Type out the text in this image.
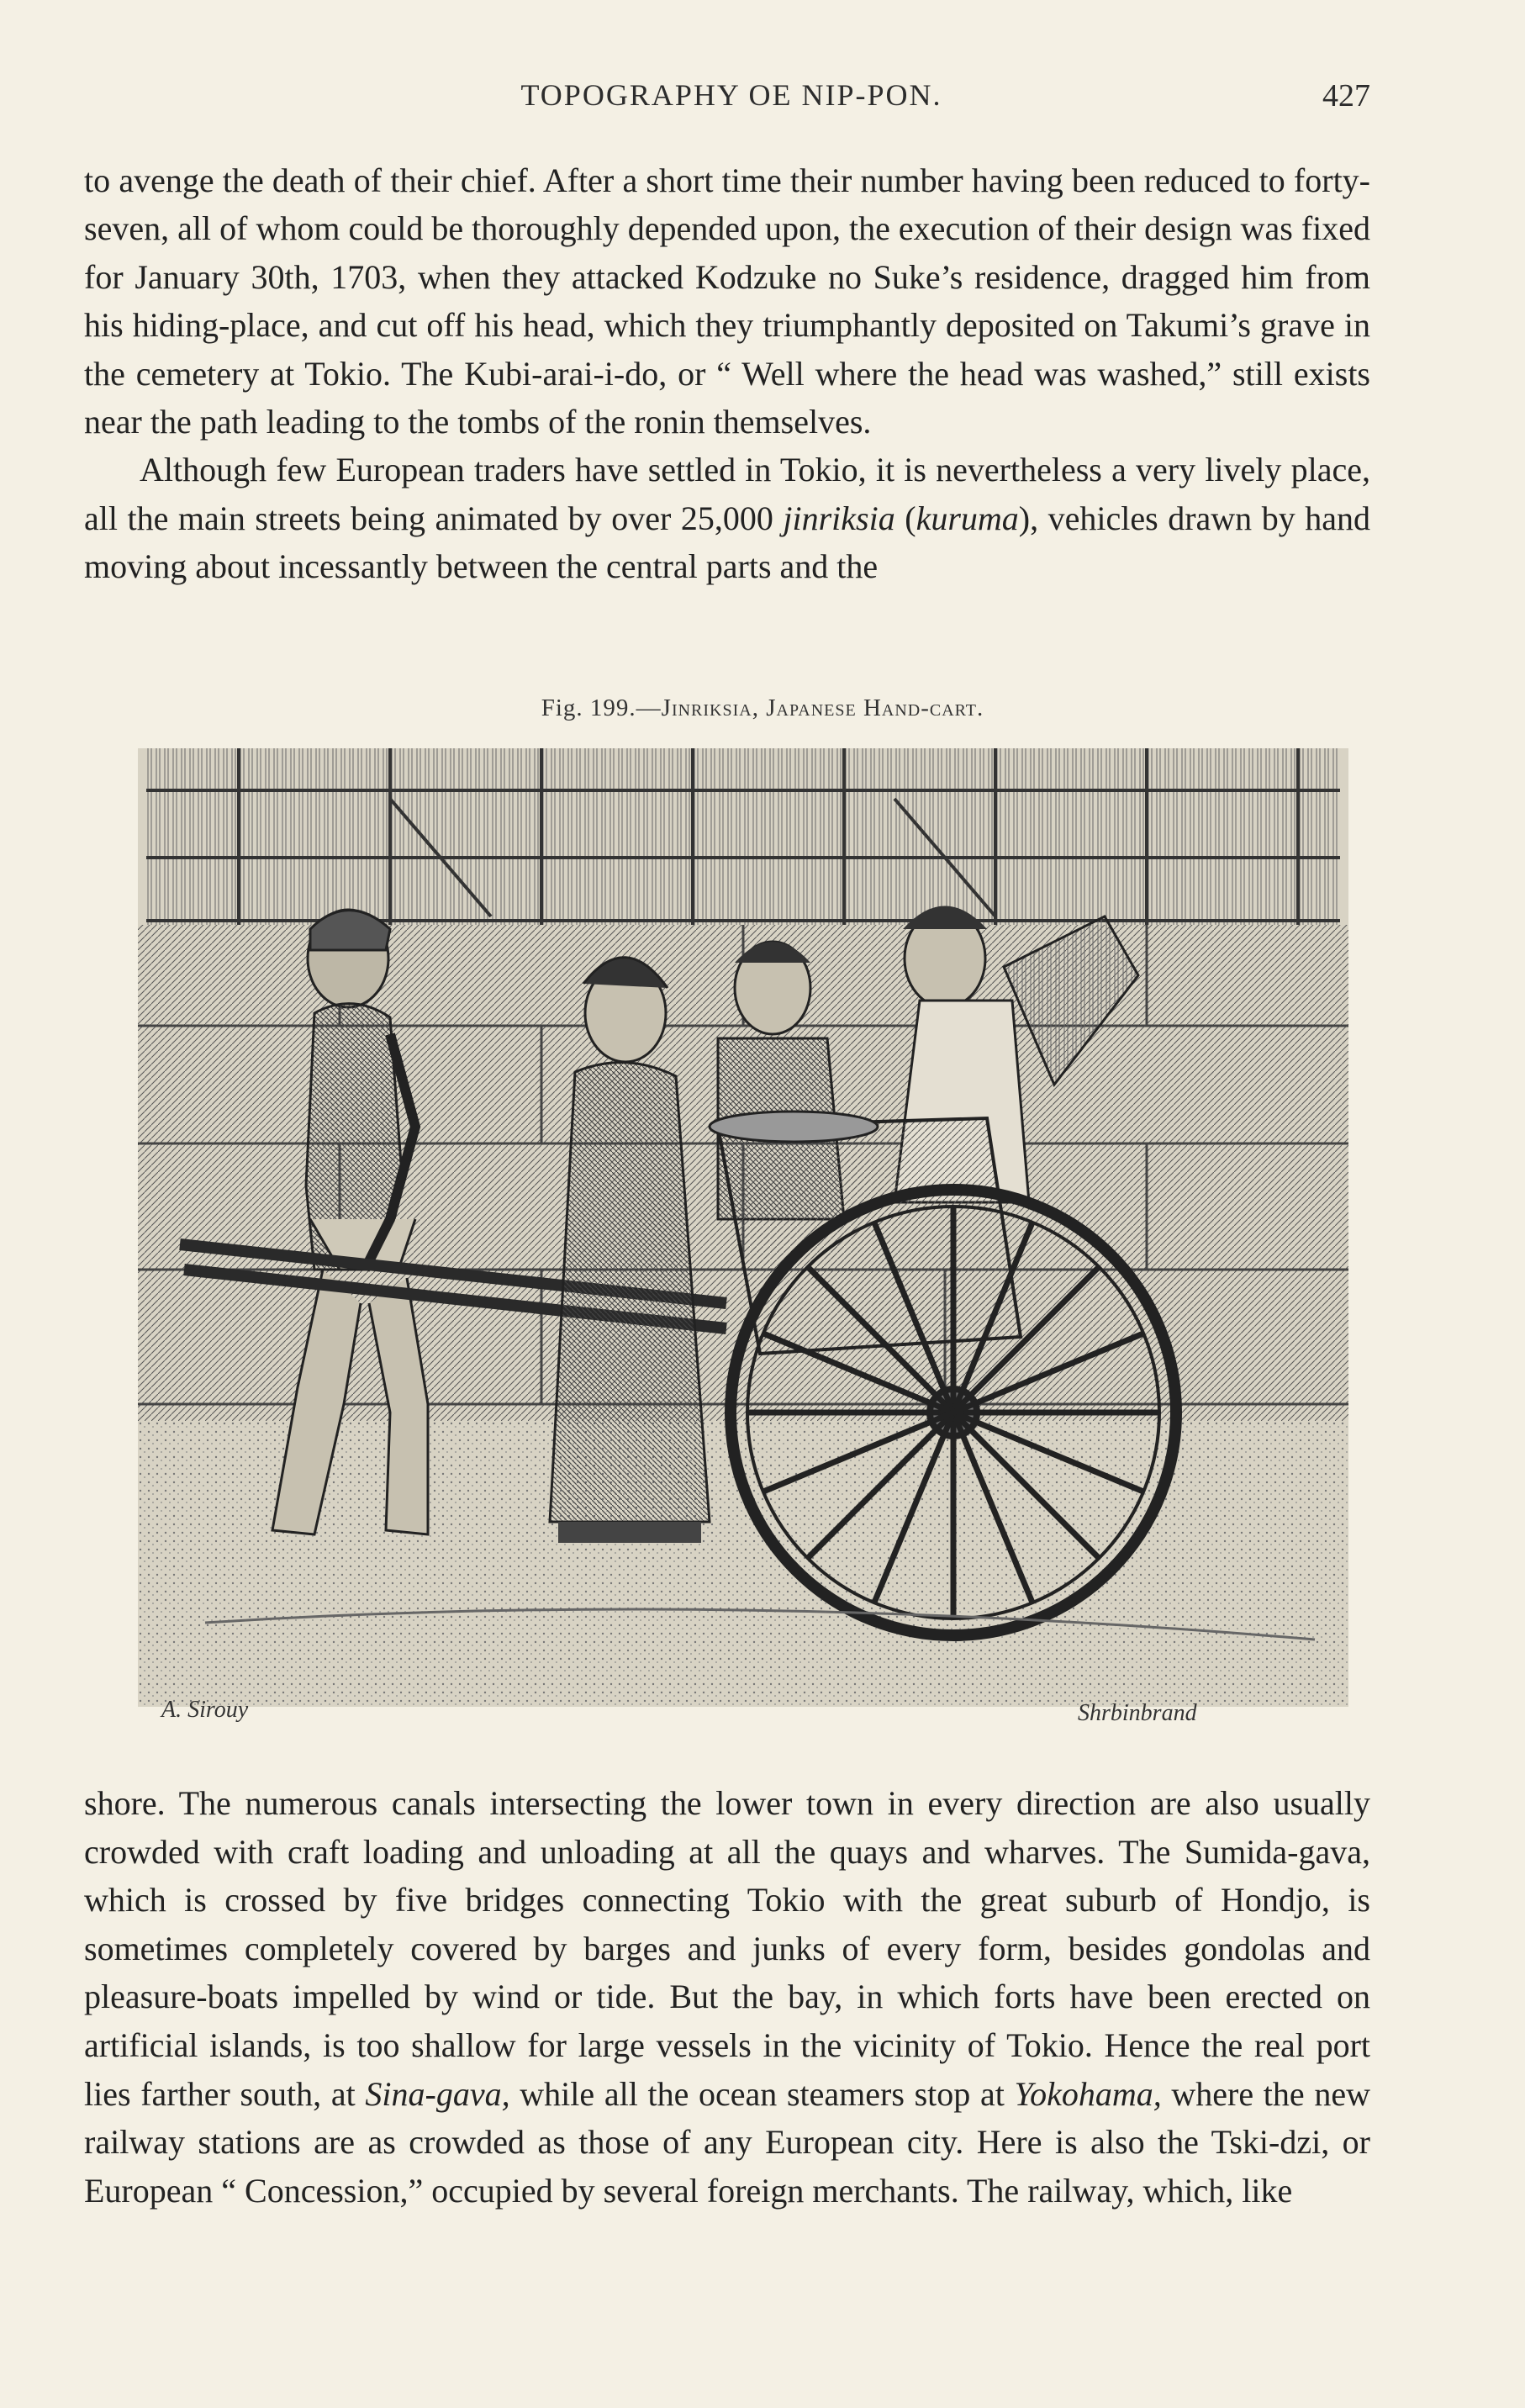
TOPOGRAPHY OE NIP-PON.	427

to avenge the death of their chief. After a short time their number having been reduced to forty-seven, all of whom could be thoroughly depended upon, the execution of their design was fixed for January 30th, 1703, when they attacked Kodzuke no Suke’s residence, dragged him from his hiding-place, and cut off his head, which they triumphantly deposited on Takumi’s grave in the cemetery at Tokio. The Kubi-arai-i-do, or “ Well where the head was washed,” still exists near the path leading to the tombs of the ronin themselves.

Although few European traders have settled in Tokio, it is nevertheless a very lively place, all the main streets being animated by over 25,000 jinriksia (kuruma), vehicles drawn by hand moving about incessantly between the central parts and the

Fig. 199.—Jinriksia, Japanese Hand-cart.
A. Sirouy	Shrbinbrand

shore. The numerous canals intersecting the lower town in every direction are also usually crowded with craft loading and unloading at all the quays and wharves. The Sumida-gava, which is crossed by five bridges connecting Tokio with the great suburb of Hondjo, is sometimes completely covered by barges and junks of every form, besides gondolas and pleasure-boats impelled by wind or tide. But the bay, in which forts have been erected on artificial islands, is too shallow for large vessels in the vicinity of Tokio. Hence the real port lies farther south, at Sina-gava, while all the ocean steamers stop at Yokohama, where the new railway stations are as crowded as those of any European city. Here is also the Tski-dzi, or European “ Concession,” occupied by several foreign merchants. The railway, which, like
